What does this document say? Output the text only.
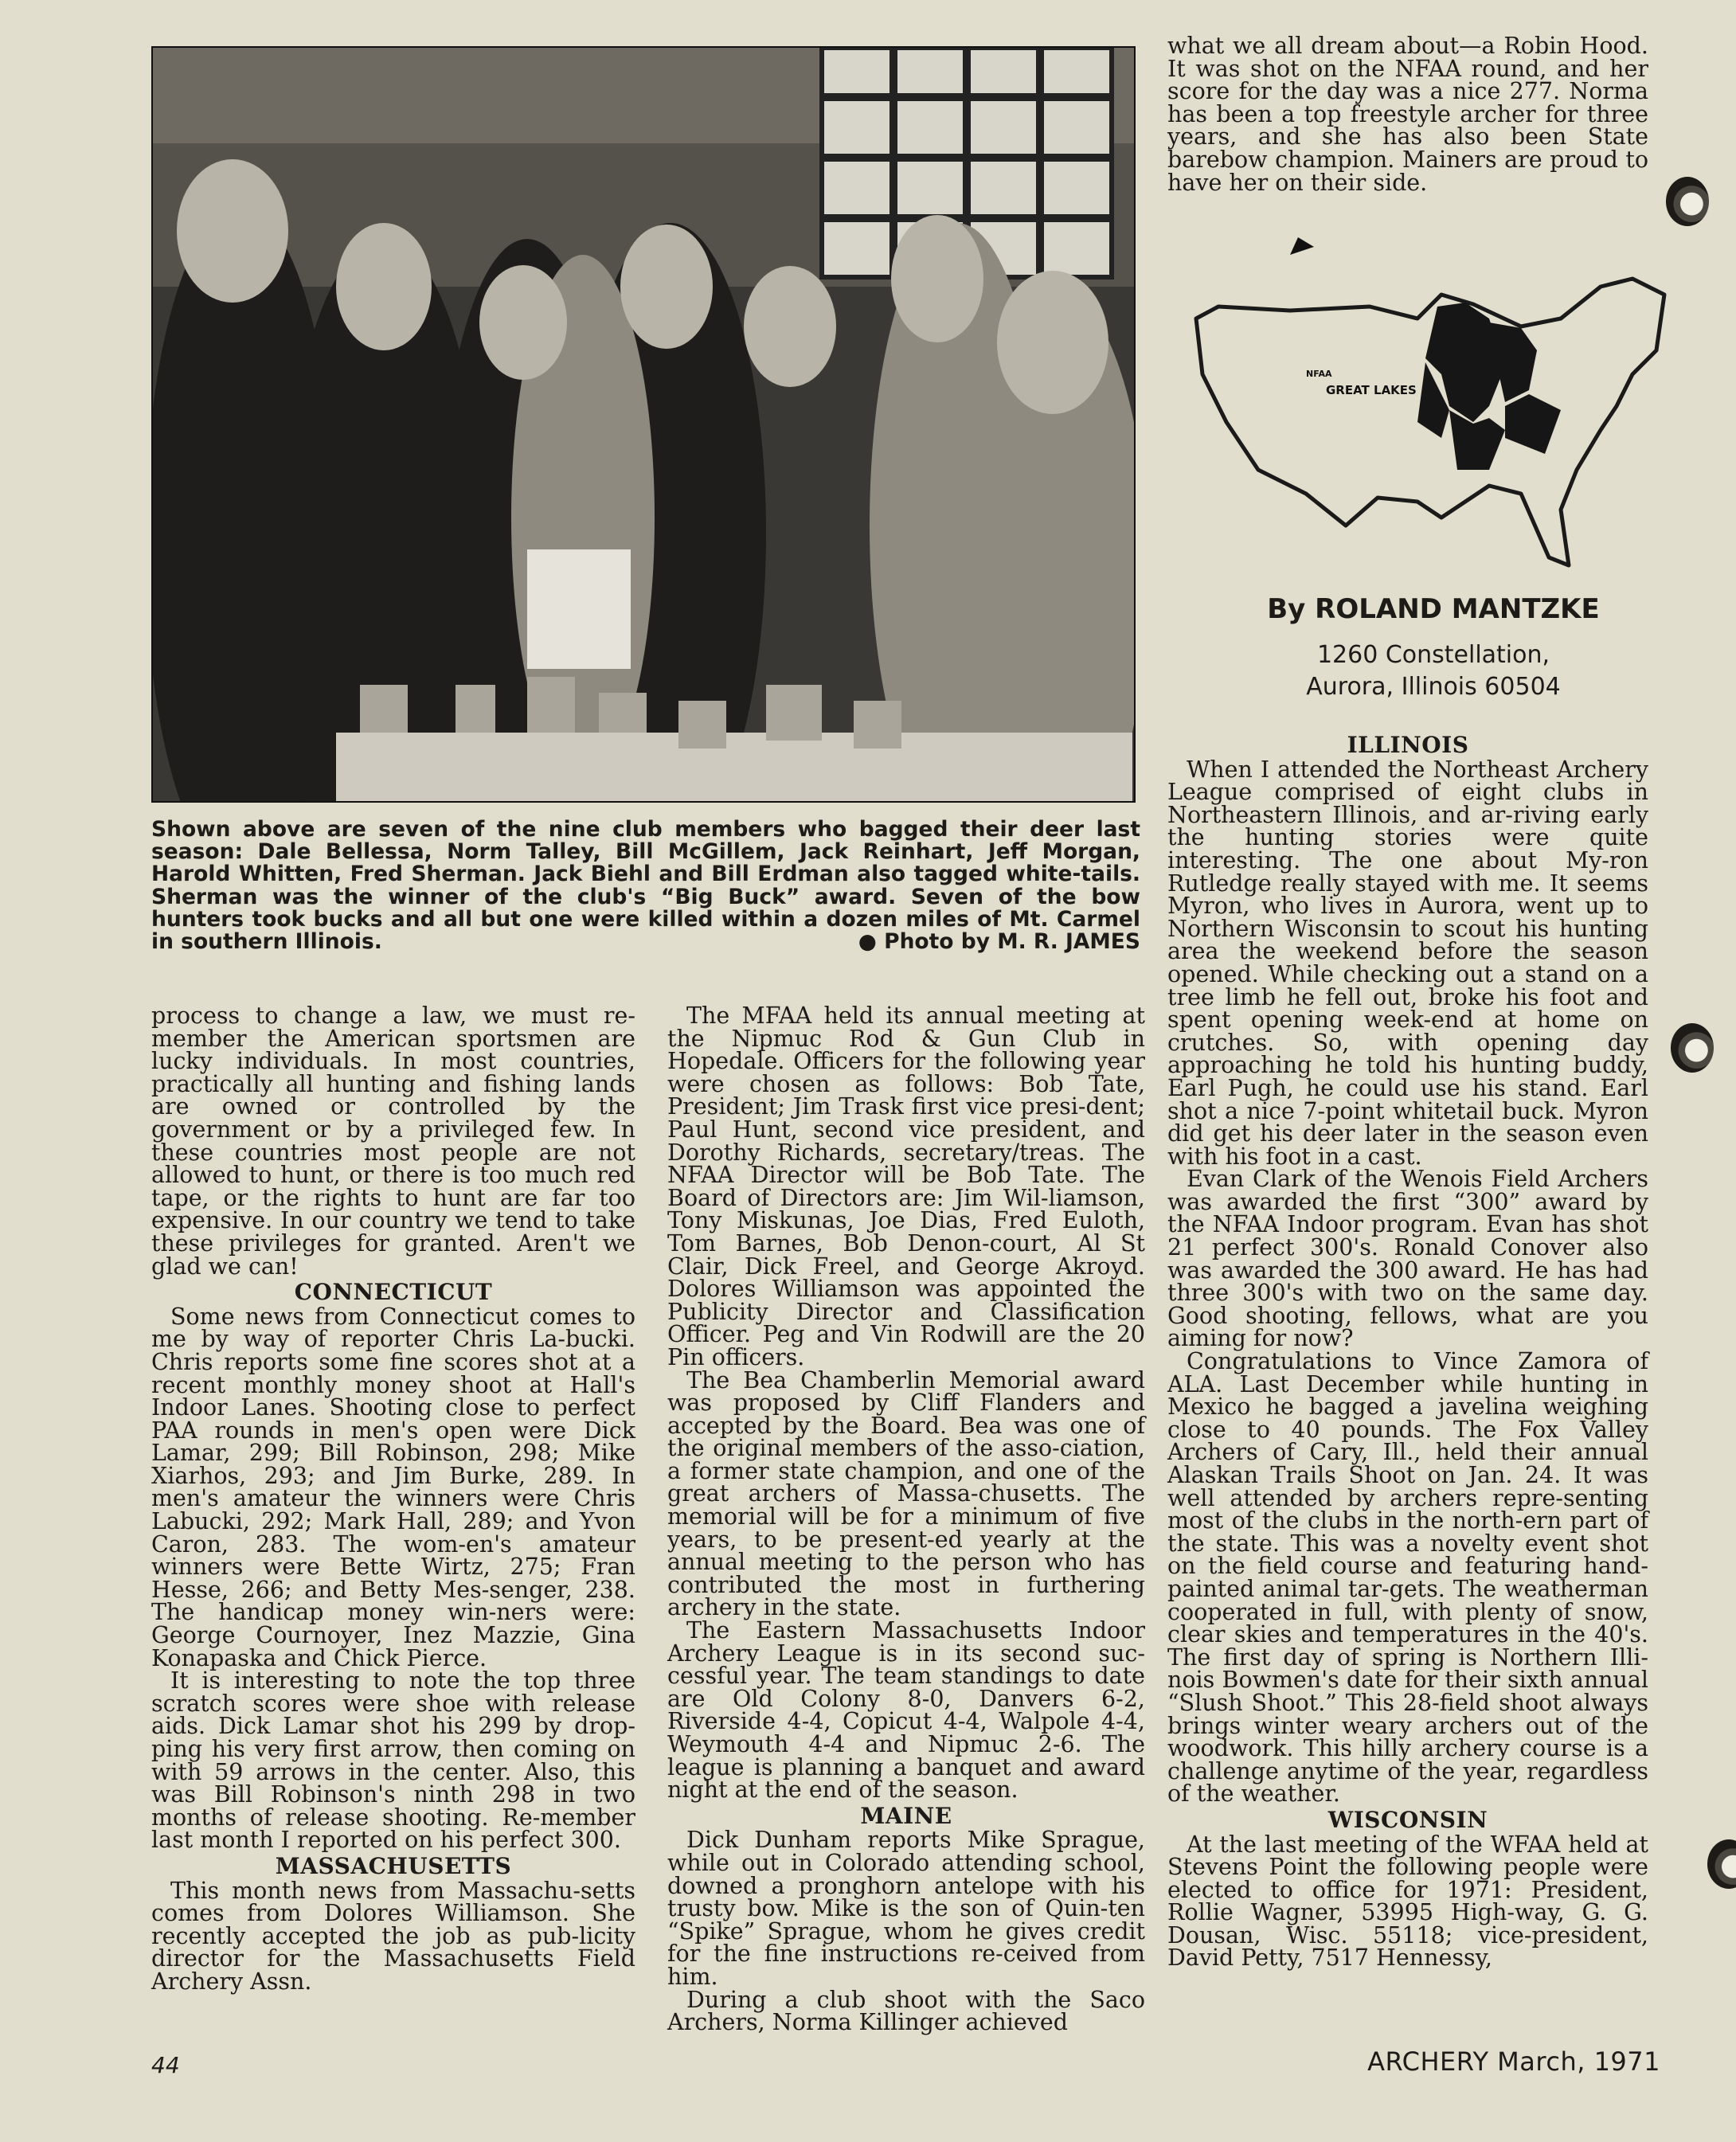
Shown above are seven of the nine club members who bagged their deer last season: Dale Bellessa, Norm Talley, Bill McGillem, Jack Reinhart, Jeff Morgan, Harold Whitten, Fred Sherman. Jack Biehl and Bill Erdman also tagged white-tails. Sherman was the winner of the club's “Big Buck” award. Seven of the bow hunters took bucks and all but one were killed within a dozen miles of Mt. Carmel in southern Illinois.	● Photo by M. R. JAMES

process to change a law, we must re-member the American sportsmen are lucky individuals. In most countries, practically all hunting and fishing lands are owned or controlled by the government or by a privileged few. In these countries most people are not allowed to hunt, or there is too much red tape, or the rights to hunt are far too expensive. In our country we tend to take these privileges for granted. Aren't we glad we can!

CONNECTICUT

Some news from Connecticut comes to me by way of reporter Chris La-bucki. Chris reports some fine scores shot at a recent monthly money shoot at Hall's Indoor Lanes. Shooting close to perfect PAA rounds in men's open were Dick Lamar, 299; Bill Robinson, 298; Mike Xiarhos, 293; and Jim Burke, 289. In men's amateur the winners were Chris Labucki, 292; Mark Hall, 289; and Yvon Caron, 283. The wom-en's amateur winners were Bette Wirtz, 275; Fran Hesse, 266; and Betty Mes-senger, 238. The handicap money win-ners were: George Cournoyer, Inez Mazzie, Gina Konapaska and Chick Pierce.

It is interesting to note the top three scratch scores were shoe with release aids. Dick Lamar shot his 299 by drop-ping his very first arrow, then coming on with 59 arrows in the center. Also, this was Bill Robinson's ninth 298 in two months of release shooting. Re-member last month I reported on his perfect 300.

MASSACHUSETTS

This month news from Massachu-setts comes from Dolores Williamson. She recently accepted the job as pub-licity director for the Massachusetts Field Archery Assn.

The MFAA held its annual meeting at the Nipmuc Rod & Gun Club in Hopedale. Officers for the following year were chosen as follows: Bob Tate, President; Jim Trask first vice presi-dent; Paul Hunt, second vice president, and Dorothy Richards, secretary/treas. The NFAA Director will be Bob Tate. The Board of Directors are: Jim Wil-liamson, Tony Miskunas, Joe Dias, Fred Euloth, Tom Barnes, Bob Denon-court, Al St Clair, Dick Freel, and George Akroyd. Dolores Williamson was appointed the Publicity Director and Classification Officer. Peg and Vin Rodwill are the 20 Pin officers.

The Bea Chamberlin Memorial award was proposed by Cliff Flanders and accepted by the Board. Bea was one of the original members of the asso-ciation, a former state champion, and one of the great archers of Massa-chusetts. The memorial will be for a minimum of five years, to be present-ed yearly at the annual meeting to the person who has contributed the most in furthering archery in the state.

The Eastern Massachusetts Indoor Archery League is in its second suc-cessful year. The team standings to date are Old Colony 8-0, Danvers 6-2, Riverside 4-4, Copicut 4-4, Walpole 4-4, Weymouth 4-4 and Nipmuc 2-6. The league is planning a banquet and award night at the end of the season.

MAINE

Dick Dunham reports Mike Sprague, while out in Colorado attending school, downed a pronghorn antelope with his trusty bow. Mike is the son of Quin-ten “Spike” Sprague, whom he gives credit for the fine instructions re-ceived from him.

During a club shoot with the Saco Archers, Norma Killinger achieved

what we all dream about—a Robin Hood. It was shot on the NFAA round, and her score for the day was a nice 277. Norma has been a top freestyle archer for three years, and she has also been State barebow champion. Mainers are proud to have her on their side.

NFAA
GREAT LAKES
By ROLAND MANTZKE
1260 Constellation,
Aurora, Illinois 60504
ILLINOIS

When I attended the Northeast Archery League comprised of eight clubs in Northeastern Illinois, and ar-riving early the hunting stories were quite interesting. The one about My-ron Rutledge really stayed with me. It seems Myron, who lives in Aurora, went up to Northern Wisconsin to scout his hunting area the weekend before the season opened. While checking out a stand on a tree limb he fell out, broke his foot and spent opening week-end at home on crutches. So, with opening day approaching he told his hunting buddy, Earl Pugh, he could use his stand. Earl shot a nice 7-point whitetail buck. Myron did get his deer later in the season even with his foot in a cast.

Evan Clark of the Wenois Field Archers was awarded the first “300” award by the NFAA Indoor program. Evan has shot 21 perfect 300's. Ronald Conover also was awarded the 300 award. He has had three 300's with two on the same day. Good shooting, fellows, what are you aiming for now?

Congratulations to Vince Zamora of ALA. Last December while hunting in Mexico he bagged a javelina weighing close to 40 pounds. The Fox Valley Archers of Cary, Ill., held their annual Alaskan Trails Shoot on Jan. 24. It was well attended by archers repre-senting most of the clubs in the north-ern part of the state. This was a novelty event shot on the field course and featuring hand-painted animal tar-gets. The weatherman cooperated in full, with plenty of snow, clear skies and temperatures in the 40's. The first day of spring is Northern Illi-nois Bowmen's date for their sixth annual “Slush Shoot.” This 28-field shoot always brings winter weary archers out of the woodwork. This hilly archery course is a challenge anytime of the year, regardless of the weather.

WISCONSIN

At the last meeting of the WFAA held at Stevens Point the following people were elected to office for 1971: President, Rollie Wagner, 53995 High-way, G. G. Dousan, Wisc. 55118; vice-president, David Petty, 7517 Hennessy,

44	ARCHERY March, 1971
